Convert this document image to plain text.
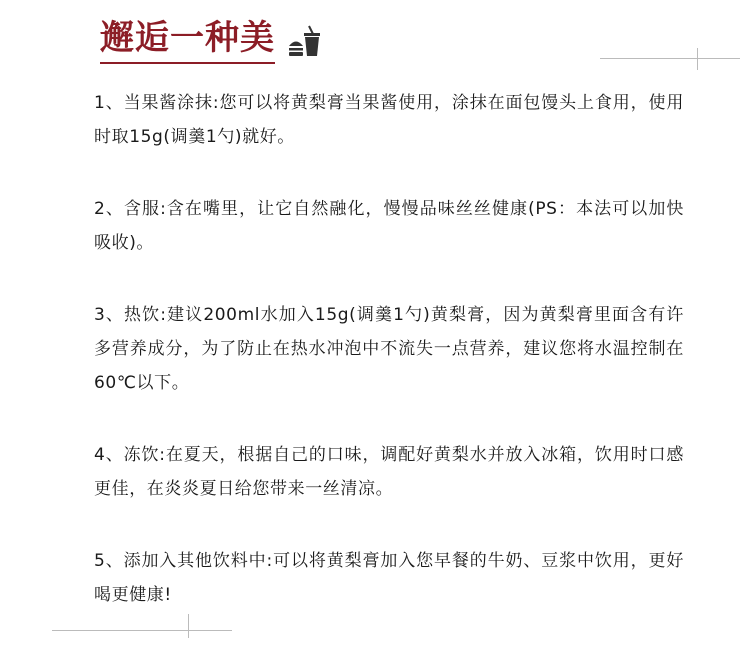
邂逅一种美

1、当果酱涂抹:您可以将黄梨膏当果酱使用，涂抹在面包馒头上食用，使用时取15g(调羹1勺)就好。

2、含服:含在嘴里，让它自然融化，慢慢品味丝丝健康(PS：本法可以加快吸收)。

3、热饮:建议200ml水加入15g(调羹1勺)黄梨膏，因为黄梨膏里面含有许多营养成分，为了防止在热水冲泡中不流失一点营养，建议您将水温控制在60℃以下。

4、冻饮:在夏天，根据自己的口味，调配好黄梨水并放入冰箱，饮用时口感更佳，在炎炎夏日给您带来一丝清凉。

5、添加入其他饮料中:可以将黄梨膏加入您早餐的牛奶、豆浆中饮用，更好喝更健康!
